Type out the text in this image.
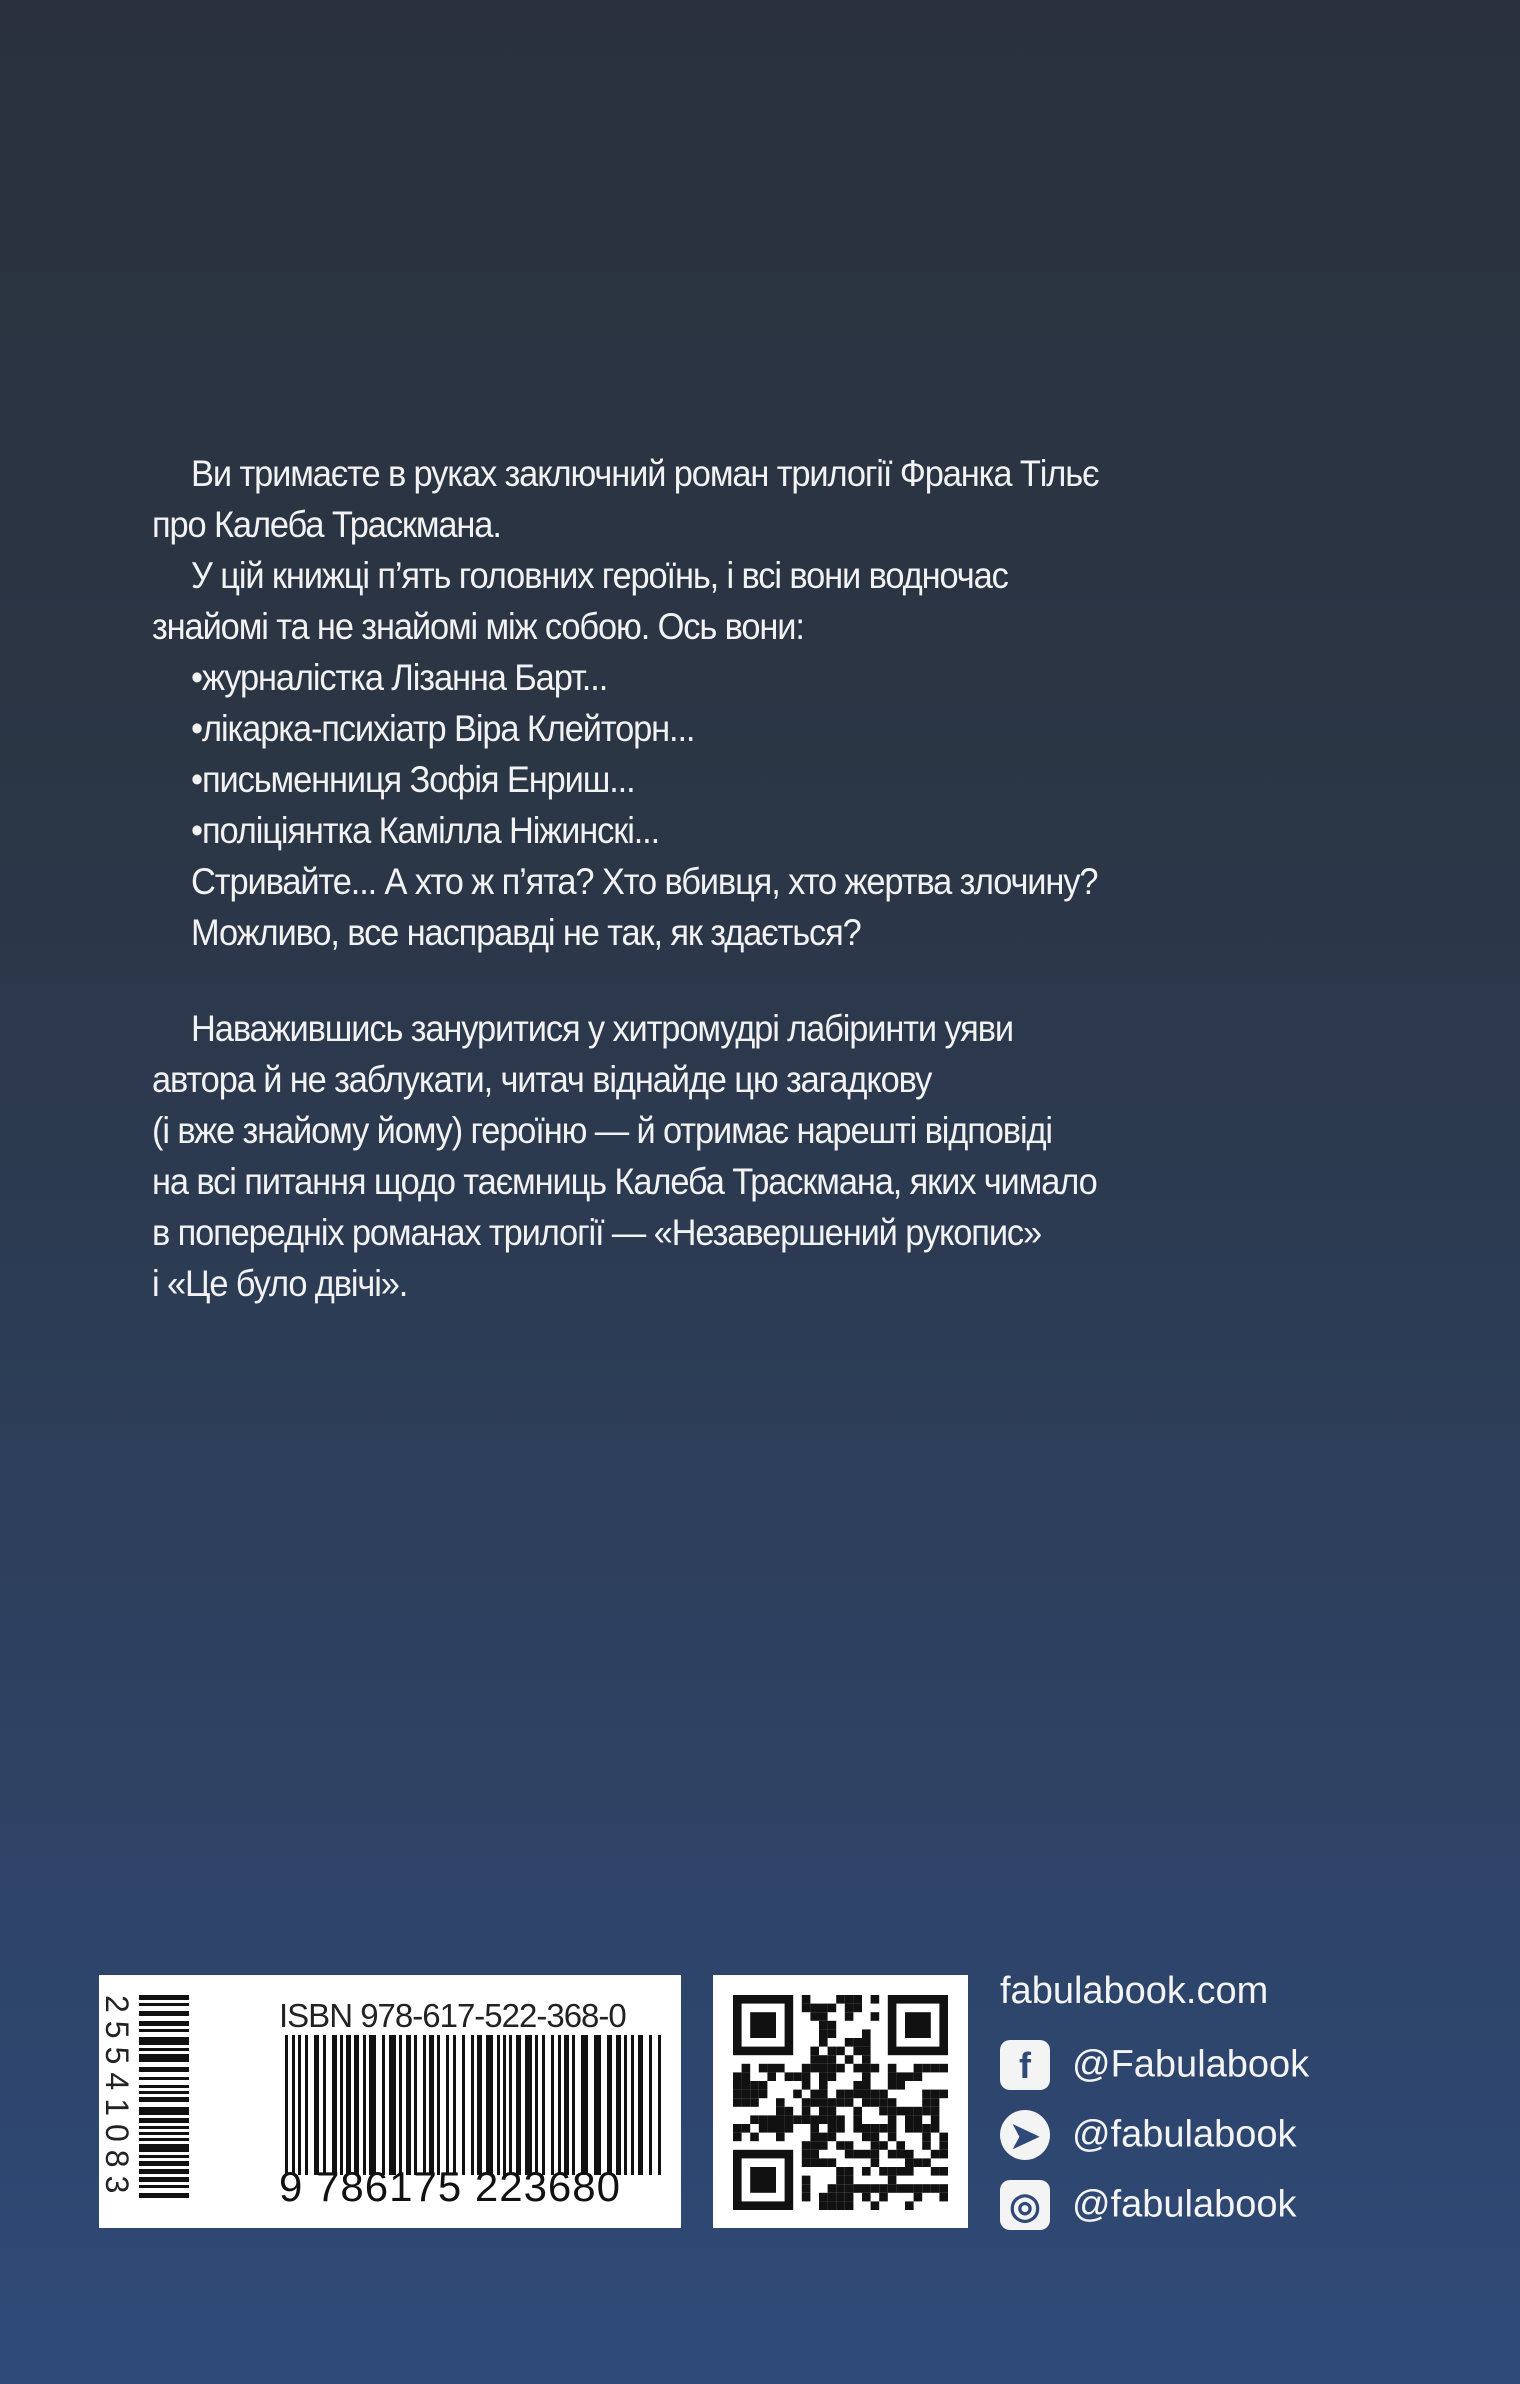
Ви тримаєте в руках заключний роман трилогії Франка Тільє
про Калеба Траскмана.
У цій книжці п’ять головних героїнь, і всі вони водночас
знайомі та не знайомі між собою. Ось вони:
•журналістка Лізанна Барт...
•лікарка-психіатр Віра Клейторн...
•письменниця Зофія Енриш...
•поліціянтка Камілла Ніжинскі...
Стривайте... А хто ж п’ята? Хто вбивця, хто жертва злочину?
Можливо, все насправді не так, як здається?
Наважившись зануритися у хитромудрі лабіринти уяви
автора й не заблукати, читач віднайде цю загадкову
(і вже знайому йому) героїню — й отримає нарешті відповіді
на всі питання щодо таємниць Калеба Траскмана, яких чимало
в попередніх романах трилогії — «Незавершений рукопис»
і «Це було двічі».
25541083	ISBN 978-617-522-368-0
9 786175 223680
fabulabook.com
f @Fabulabook
➤ @fabulabook
◎ @fabulabook
